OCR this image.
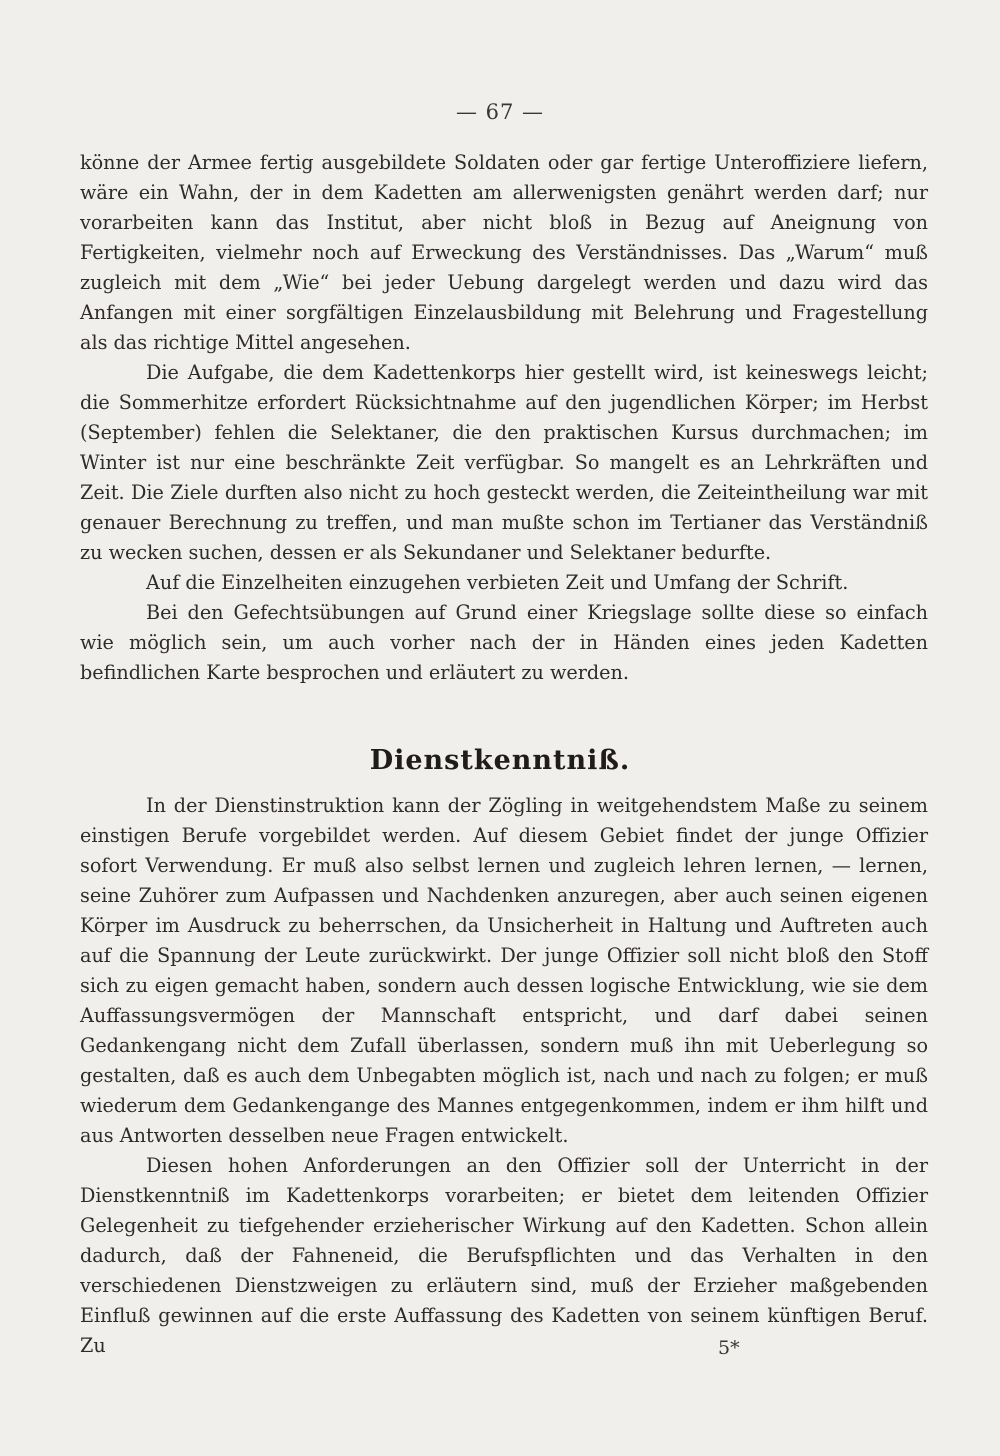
— 67 —

könne der Armee fertig ausgebildete Soldaten oder gar fertige Unteroffiziere liefern, wäre ein Wahn, der in dem Kadetten am allerwenigsten genährt werden darf; nur vorarbeiten kann das Institut, aber nicht bloß in Bezug auf Aneignung von Fertigkeiten, vielmehr noch auf Erweckung des Verständnisses. Das „Warum“ muß zugleich mit dem „Wie“ bei jeder Uebung dargelegt werden und dazu wird das Anfangen mit einer sorgfältigen Einzelausbildung mit Belehrung und Fragestellung als das richtige Mittel angesehen.

Die Aufgabe, die dem Kadettenkorps hier gestellt wird, ist keineswegs leicht; die Sommerhitze erfordert Rücksichtnahme auf den jugendlichen Körper; im Herbst (September) fehlen die Selektaner, die den praktischen Kursus durchmachen; im Winter ist nur eine beschränkte Zeit verfügbar. So mangelt es an Lehrkräften und Zeit. Die Ziele durften also nicht zu hoch gesteckt werden, die Zeiteintheilung war mit genauer Berechnung zu treffen, und man mußte schon im Tertianer das Verständniß zu wecken suchen, dessen er als Sekundaner und Selektaner bedurfte.

Auf die Einzelheiten einzugehen verbieten Zeit und Umfang der Schrift.

Bei den Gefechtsübungen auf Grund einer Kriegslage sollte diese so einfach wie möglich sein, um auch vorher nach der in Händen eines jeden Kadetten befindlichen Karte besprochen und erläutert zu werden.

Dienstkenntniß.

In der Dienstinstruktion kann der Zögling in weitgehendstem Maße zu seinem einstigen Berufe vorgebildet werden. Auf diesem Gebiet findet der junge Offizier sofort Verwendung. Er muß also selbst lernen und zugleich lehren lernen, — lernen, seine Zuhörer zum Aufpassen und Nachdenken anzuregen, aber auch seinen eigenen Körper im Ausdruck zu beherrschen, da Unsicherheit in Haltung und Auftreten auch auf die Spannung der Leute zurückwirkt. Der junge Offizier soll nicht bloß den Stoff sich zu eigen gemacht haben, sondern auch dessen logische Entwicklung, wie sie dem Auffassungsvermögen der Mannschaft entspricht, und darf dabei seinen Gedankengang nicht dem Zufall überlassen, sondern muß ihn mit Ueberlegung so gestalten, daß es auch dem Unbegabten möglich ist, nach und nach zu folgen; er muß wiederum dem Gedankengange des Mannes entgegenkommen, indem er ihm hilft und aus Antworten desselben neue Fragen entwickelt.

Diesen hohen Anforderungen an den Offizier soll der Unterricht in der Dienstkenntniß im Kadettenkorps vorarbeiten; er bietet dem leitenden Offizier Gelegenheit zu tiefgehender erzieherischer Wirkung auf den Kadetten. Schon allein dadurch, daß der Fahneneid, die Berufspflichten und das Verhalten in den verschiedenen Dienstzweigen zu erläutern sind, muß der Erzieher maßgebenden Einfluß gewinnen auf die erste Auffassung des Kadetten von seinem künftigen Beruf. Zu	5*
